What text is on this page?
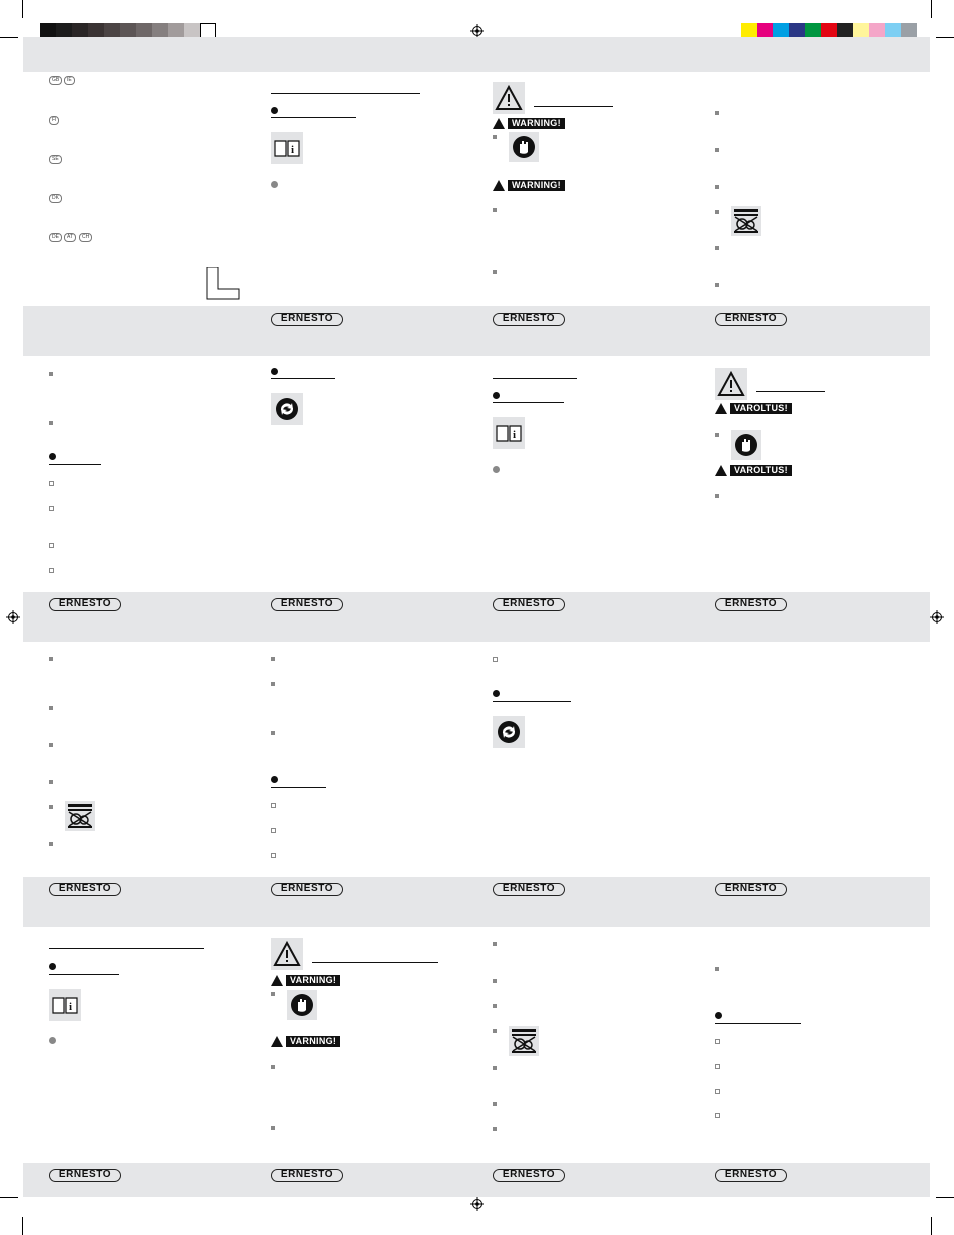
ERNESTO	ERNESTO	ERNESTO
ERNESTO	ERNESTO	ERNESTO	ERNESTO
ERNESTO	ERNESTO	ERNESTO	ERNESTO
ERNESTO	ERNESTO	ERNESTO	ERNESTO
GB	IE
FI
SE
DK
DE	AT	CH
i
WARNING!
WARNING!
i
VAROLTUS!
VAROLTUS!
i
VARNING!
VARNING!
